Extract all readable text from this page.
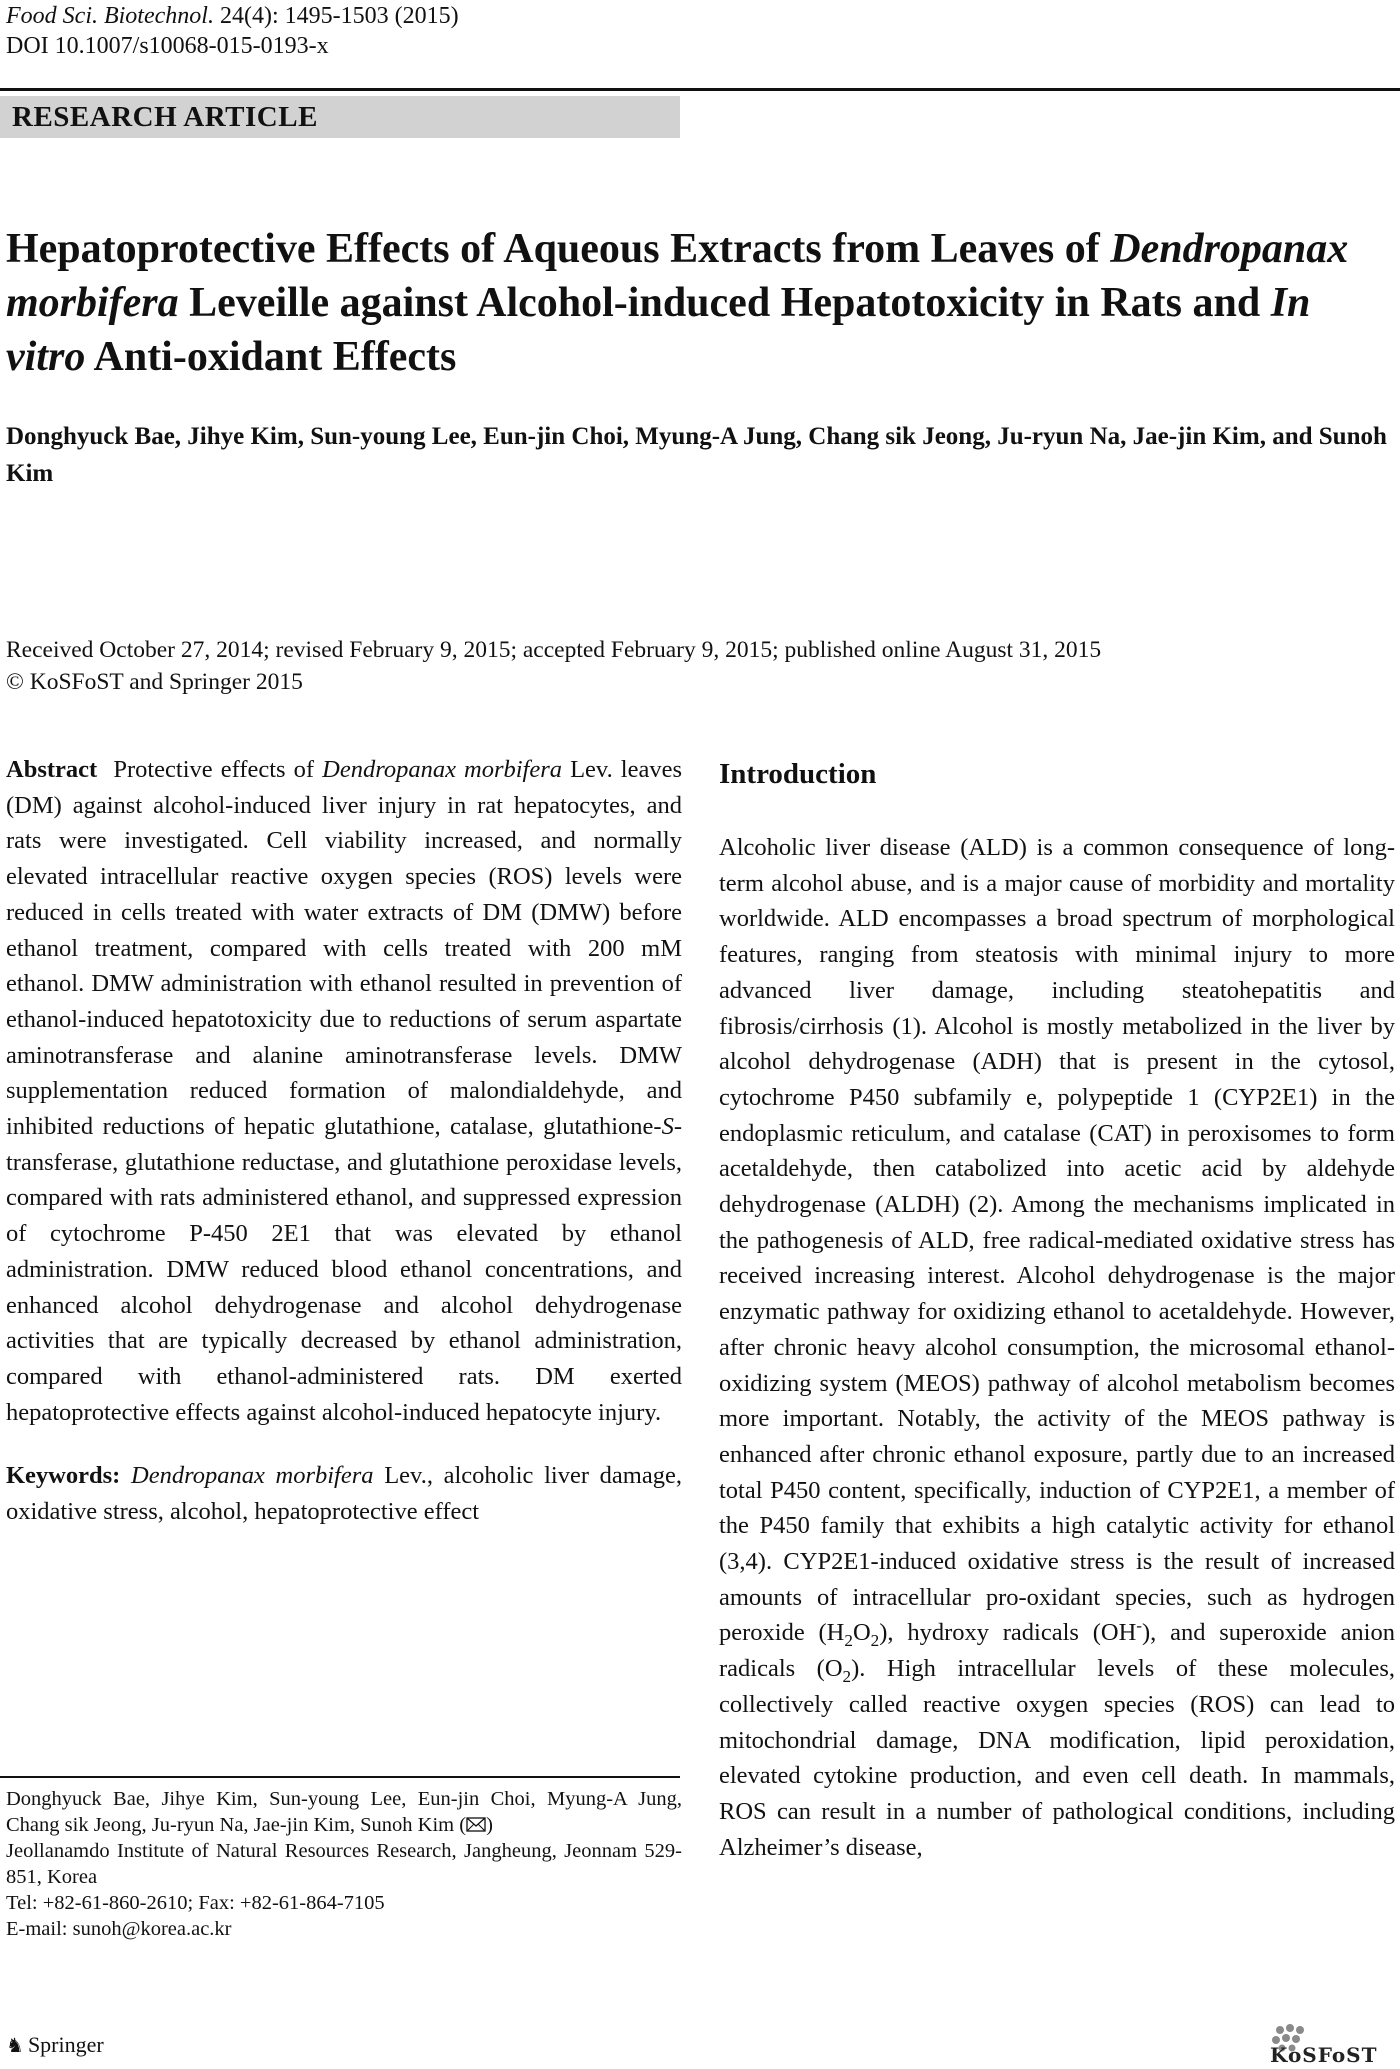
Food Sci. Biotechnol. 24(4): 1495-1503 (2015)
DOI 10.1007/s10068-015-0193-x
RESEARCH ARTICLE
Hepatoprotective Effects of Aqueous Extracts from Leaves of Dendropanax morbifera Leveille against Alcohol-induced Hepatotoxicity in Rats and In vitro Anti-oxidant Effects
Donghyuck Bae, Jihye Kim, Sun-young Lee, Eun-jin Choi, Myung-A Jung, Chang sik Jeong, Ju-ryun Na, Jae-jin Kim, and Sunoh Kim
Received October 27, 2014; revised February 9, 2015; accepted February 9, 2015; published online August 31, 2015
© KoSFoST and Springer 2015

Abstract Protective effects of Dendropanax morbifera Lev. leaves (DM) against alcohol-induced liver injury in rat hepatocytes, and rats were investigated. Cell viability increased, and normally elevated intracellular reactive oxygen species (ROS) levels were reduced in cells treated with water extracts of DM (DMW) before ethanol treatment, compared with cells treated with 200 mM ethanol. DMW administration with ethanol resulted in prevention of ethanol-induced hepatotoxicity due to reductions of serum aspartate aminotransferase and alanine aminotransferase levels. DMW supplementation reduced formation of malondialdehyde, and inhibited reductions of hepatic glutathione, catalase, glutathione-S-transferase, glutathione reductase, and glutathione peroxidase levels, compared with rats administered ethanol, and suppressed expression of cytochrome P-450 2E1 that was elevated by ethanol administration. DMW reduced blood ethanol concentrations, and enhanced alcohol dehydrogenase and alcohol dehydrogenase activities that are typically decreased by ethanol administration, compared with ethanol-administered rats. DM exerted hepatoprotective effects against alcohol-induced hepatocyte injury.

Keywords: Dendropanax morbifera Lev., alcoholic liver damage, oxidative stress, alcohol, hepatoprotective effect

Donghyuck Bae, Jihye Kim, Sun-young Lee, Eun-jin Choi, Myung-A Jung, Chang sik Jeong, Ju-ryun Na, Jae-jin Kim, Sunoh Kim ( )
Jeollanamdo Institute of Natural Resources Research, Jangheung, Jeonnam 529-851, Korea
Tel: +82-61-860-2610; Fax: +82-61-864-7105
E-mail: sunoh@korea.ac.kr
Introduction

Alcoholic liver disease (ALD) is a common consequence of long-term alcohol abuse, and is a major cause of morbidity and mortality worldwide. ALD encompasses a broad spectrum of morphological features, ranging from steatosis with minimal injury to more advanced liver damage, including steatohepatitis and fibrosis/cirrhosis (1). Alcohol is mostly metabolized in the liver by alcohol dehydrogenase (ADH) that is present in the cytosol, cytochrome P450 subfamily e, polypeptide 1 (CYP2E1) in the endoplasmic reticulum, and catalase (CAT) in peroxisomes to form acetaldehyde, then catabolized into acetic acid by aldehyde dehydrogenase (ALDH) (2). Among the mechanisms implicated in the pathogenesis of ALD, free radical-mediated oxidative stress has received increasing interest. Alcohol dehydrogenase is the major enzymatic pathway for oxidizing ethanol to acetaldehyde. However, after chronic heavy alcohol consumption, the microsomal ethanol-oxidizing system (MEOS) pathway of alcohol metabolism becomes more important. Notably, the activity of the MEOS pathway is enhanced after chronic ethanol exposure, partly due to an increased total P450 content, specifically, induction of CYP2E1, a member of the P450 family that exhibits a high catalytic activity for ethanol (3,4). CYP2E1-induced oxidative stress is the result of increased amounts of intracellular pro-oxidant species, such as hydrogen peroxide $(H_2O_2)$, hydroxy radicals (OH-), and superoxide anion radicals $(O_2)$. High intracellular levels of these molecules, collectively called reactive oxygen species (ROS) can lead to mitochondrial damage, DNA modification, lipid peroxidation, elevated cytokine production, and even cell death. In mammals, ROS can result in a number of pathological conditions, including Alzheimer’s disease,

♞ Springer	KoSFoST
